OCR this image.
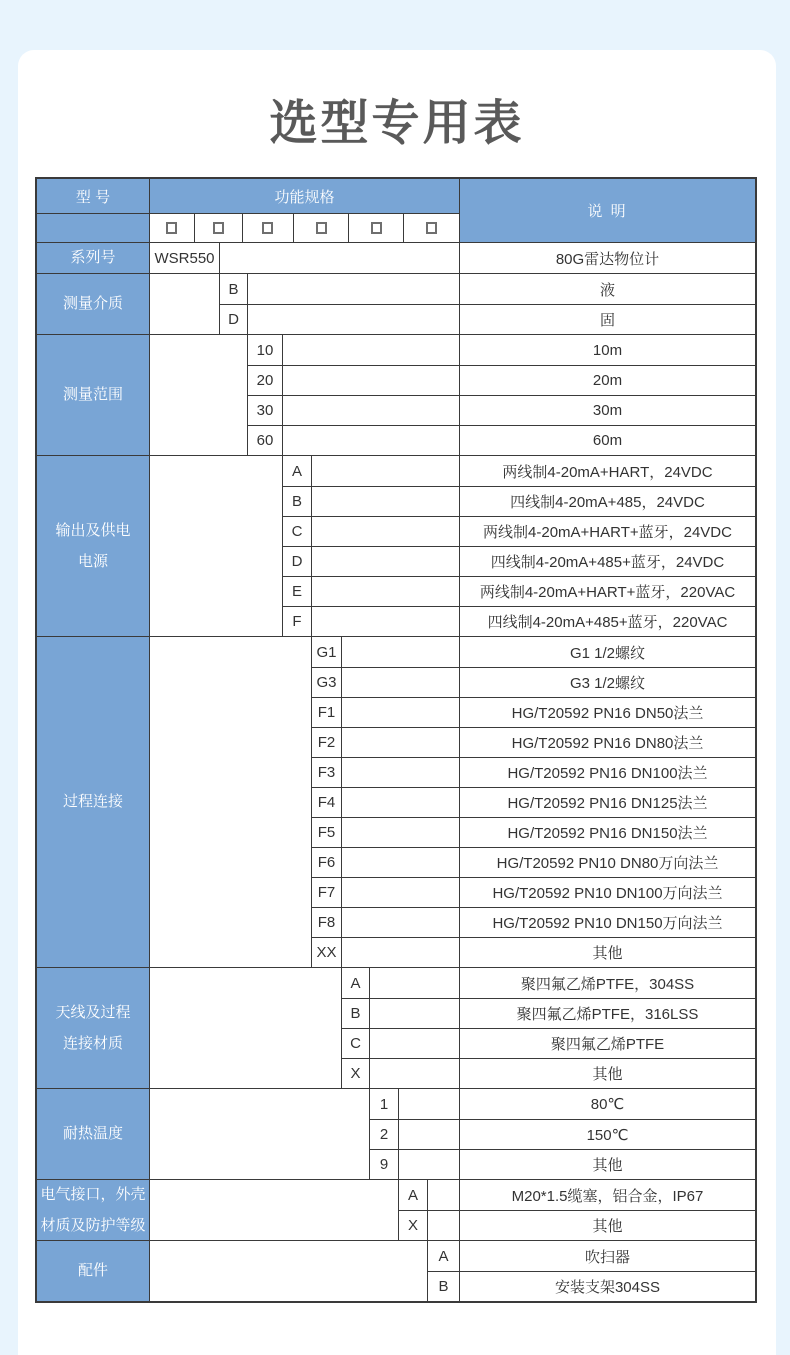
选型专用表
型 号	功能规格
说 明
系列号	WSR550	80G雷达物位计
测量介质
B	液
D	固
测量范围
10	10m
20	20m
30	30m
60	60m
输出及供电
电源
A	两线制4-20mA+HART，24VDC
B	四线制4-20mA+485，24VDC
C	两线制4-20mA+HART+蓝牙，24VDC
D	四线制4-20mA+485+蓝牙，24VDC
E	两线制4-20mA+HART+蓝牙，220VAC
F	四线制4-20mA+485+蓝牙，220VAC
过程连接
G1	G1 1/2螺纹
G3	G3 1/2螺纹
F1	HG/T20592 PN16 DN50法兰
F2	HG/T20592 PN16 DN80法兰
F3	HG/T20592 PN16 DN100法兰
F4	HG/T20592 PN16 DN125法兰
F5	HG/T20592 PN16 DN150法兰
F6	HG/T20592 PN10 DN80万向法兰
F7	HG/T20592 PN10 DN100万向法兰
F8	HG/T20592 PN10 DN150万向法兰
XX	其他
天线及过程
连接材质
A	聚四氟乙烯PTFE，304SS
B	聚四氟乙烯PTFE，316LSS
C	聚四氟乙烯PTFE
X	其他
耐热温度
1	80℃
2	150℃
9	其他
电气接口，外壳
材质及防护等级
A	M20*1.5缆塞，铝合金，IP67
X	其他
配件
A	吹扫器
B	安装支架304SS
